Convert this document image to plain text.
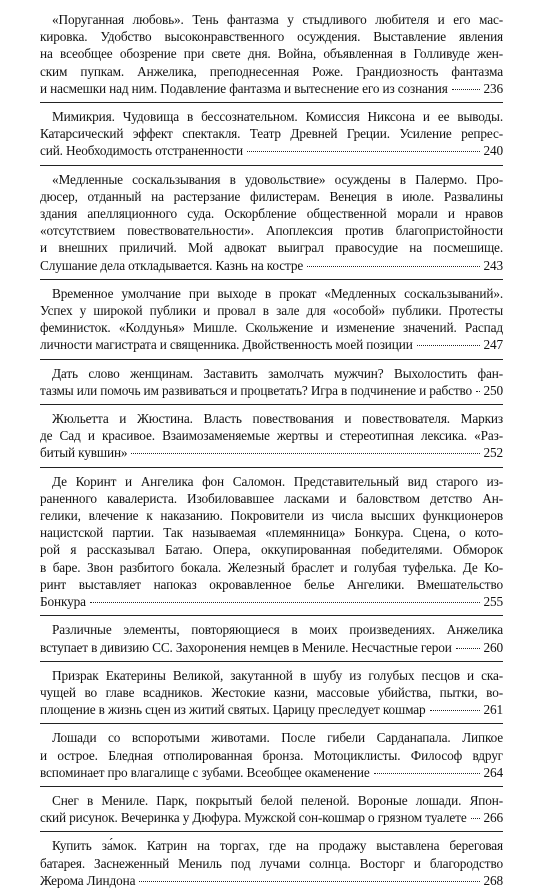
«Поруганная любовь». Тень фантазма у стыдливого любителя и его мас-
кировка. Удобство высоконравственного осуждения. Выставление явления
на всеобщее обозрение при свете дня. Война, объявленная в Голливуде жен-
ским пупкам. Анжелика, преподнесенная Роже. Грандиозность фантазма
и насмешки над ним. Подавление фантазма и вытеснение его из сознания	236
Мимикрия. Чудовища в бессознательном. Комиссия Никсона и ее выводы.
Катарсический эффект спектакля. Театр Древней Греции. Усиление репрес-
сий. Необходимость отстраненности	240
«Медленные соскальзывания в удовольствие» осуждены в Палермо. Про-
дюсер, отданный на растерзание филистерам. Венеция в июле. Развалины
здания апелляционного суда. Оскорбление общественной морали и нравов
«отсутствием повествовательности». Апоплексия против благопристойности
и внешних приличий. Мой адвокат выиграл правосудие на посмешище.
Слушание дела откладывается. Казнь на костре	243
Временное умолчание при выходе в прокат «Медленных соскальзываний».
Успех у широкой публики и провал в зале для «особой» публики. Протесты
феминисток. «Колдунья» Мишле. Скольжение и изменение значений. Распад
личности магистрата и священника. Двойственность моей позиции	247
Дать слово женщинам. Заставить замолчать мужчин? Выхолостить фан-
тазмы или помочь им развиваться и процветать? Игра в подчинение и рабство 250
Жюльетта и Жюстина. Власть повествования и повествователя. Маркиз
де Сад и красивое. Взаимозаменяемые жертвы и стереотипная лексика. «Раз-
битый кувшин»	252
Де Коринт и Ангелика фон Саломон. Представительный вид старого из-
раненного кавалериста. Изобиловавшее ласками и баловством детство Ан-
гелики, влечение к наказанию. Покровители из числа высших функционеров
нацистской партии. Так называемая «племянница» Бонкура. Сцена, о кото-
рой я рассказывал Батаю. Опера, оккупированная победителями. Обморок
в баре. Звон разбитого бокала. Железный браслет и голубая туфелька. Де Ко-
ринт выставляет напоказ окровавленное белье Ангелики. Вмешательство
Бонкура	255
Различные элементы, повторяющиеся в моих произведениях. Анжелика
вступает в дивизию СС. Захоронения немцев в Мениле. Несчастные герои 260
Призрак Екатерины Великой, закутанной в шубу из голубых песцов и ска-
чущей во главе всадников. Жестокие казни, массовые убийства, пытки, во-
площение в жизнь сцен из житий святых. Царицу преследует кошмар	261
Лошади со вспоротыми животами. После гибели Сарданапала. Липкое
и острое. Бледная отполированная бронза. Мотоциклисты. Философ вдруг
вспоминает про влагалище с зубами. Всеобщее окаменение	264
Снег в Мениле. Парк, покрытый белой пеленой. Вороные лошади. Япон-
ский рисунок. Вечеринка у Дюфура. Мужской сон-кошмар о грязном туалете 266
Купить за́мок. Катрин на торгах, где на продажу выставлена береговая
батарея. Заснеженный Мениль под лучами солнца. Восторг и благородство
Жерома Линдона	268
